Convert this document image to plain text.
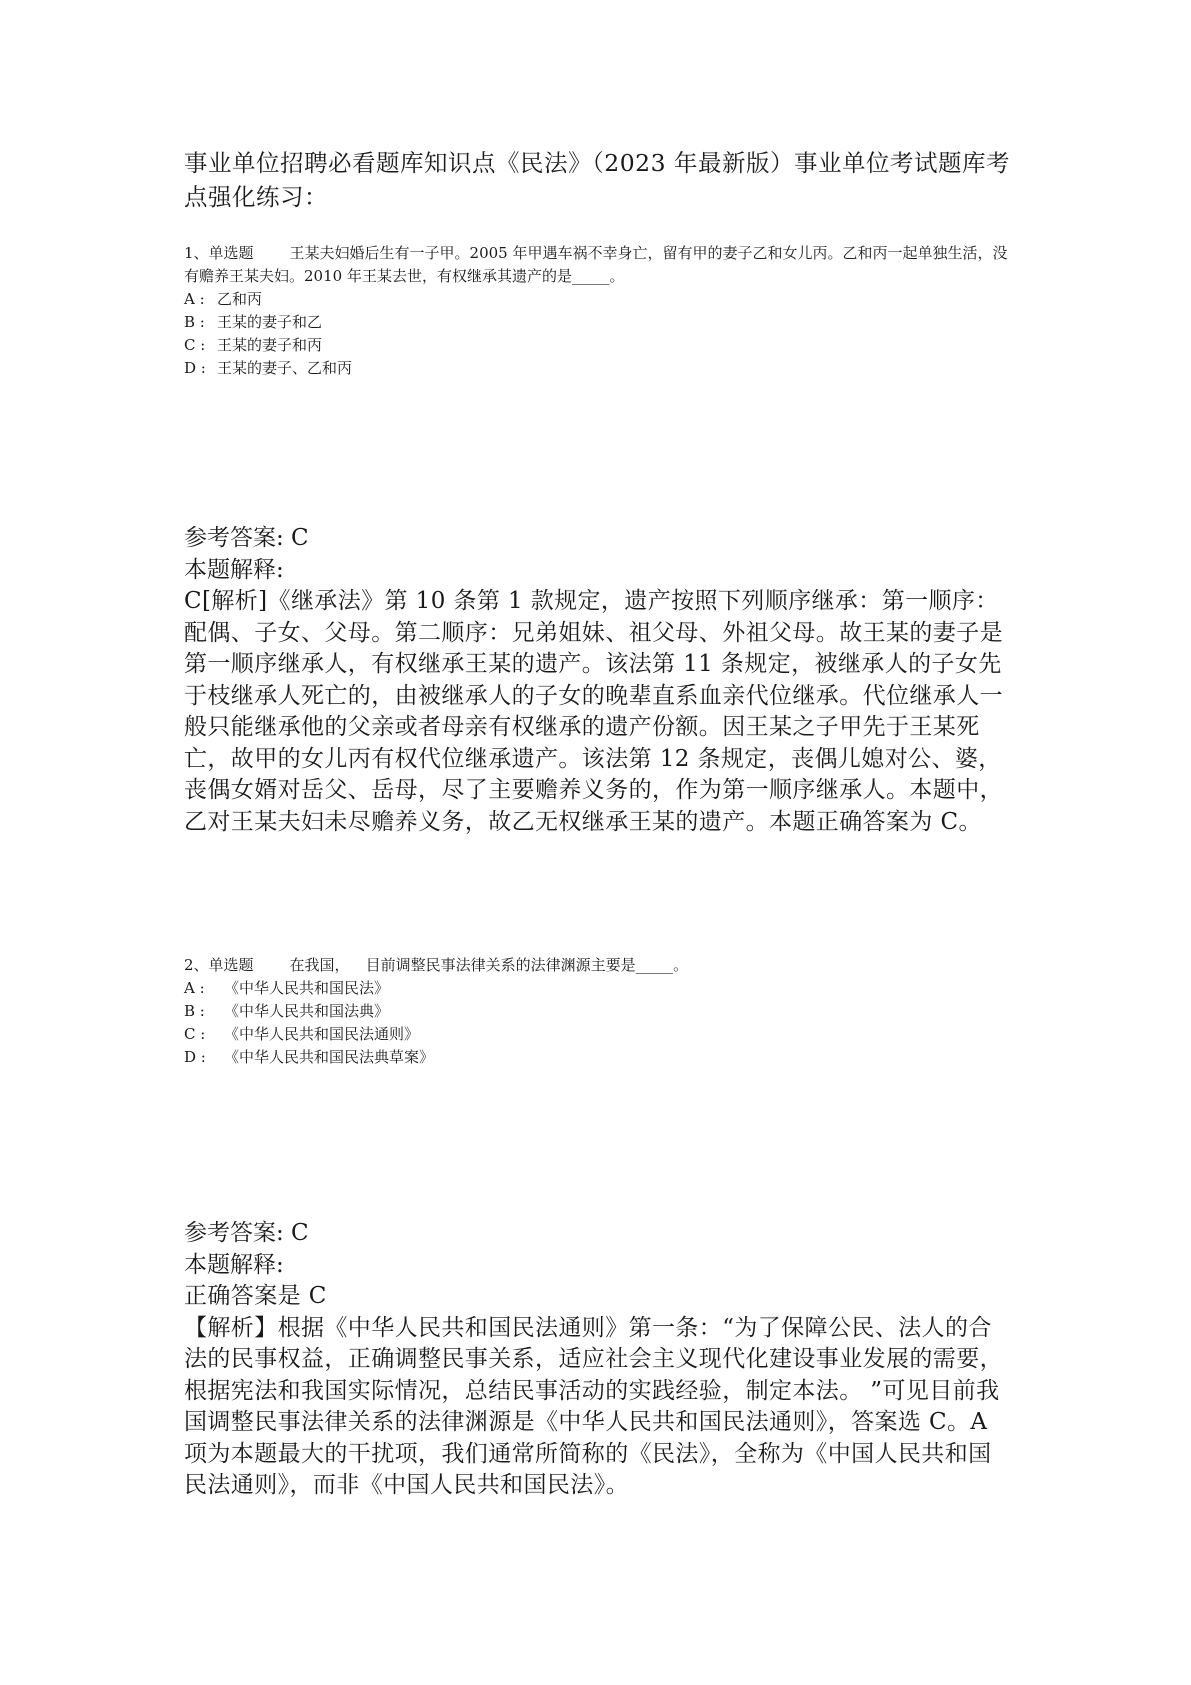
事业单位招聘必看题库知识点《民法》（2023 年最新版）事业单位考试题库考点强化练习：

1、单选题 王某夫妇婚后生有一子甲。2005 年甲遇车祸不幸身亡，留有甲的妻子乙和女儿丙。乙和丙一起单独生活，没有赡养王某夫妇。2010 年王某去世，有权继承其遗产的是_____。

A : 乙和丙

B : 王某的妻子和乙

C : 王某的妻子和丙

D : 王某的妻子、乙和丙

参考答案: C

本题解释:

C[解析]《继承法》第 10 条第 1 款规定，遗产按照下列顺序继承：第一顺序：配偶、子女、父母。第二顺序：兄弟姐妹、祖父母、外祖父母。故王某的妻子是第一顺序继承人，有权继承王某的遗产。该法第 11 条规定，被继承人的子女先于枝继承人死亡的，由被继承人的子女的晚辈直系血亲代位继承。代位继承人一般只能继承他的父亲或者母亲有权继承的遗产份额。因王某之子甲先于王某死亡，故甲的女儿丙有权代位继承遗产。该法第 12 条规定，丧偶儿媳对公、婆，丧偶女婿对岳父、岳母，尽了主要赡养义务的，作为第一顺序继承人。本题中，乙对王某夫妇未尽赡养义务，故乙无权继承王某的遗产。本题正确答案为 C。

2、单选题 在我国， 目前调整民事法律关系的法律渊源主要是_____。

A : 《中华人民共和国民法》

B : 《中华人民共和国法典》

C : 《中华人民共和国民法通则》

D : 《中华人民共和国民法典草案》

参考答案: C

本题解释:

正确答案是 C

【解析】根据《中华人民共和国民法通则》第一条：“为了保障公民、法人的合法的民事权益，正确调整民事关系，适应社会主义现代化建设事业发展的需要，根据宪法和我国实际情况，总结民事活动的实践经验，制定本法。 ”可见目前我国调整民事法律关系的法律渊源是《中华人民共和国民法通则》，答案选 C。A 项为本题最大的干扰项，我们通常所简称的《民法》，全称为《中国人民共和国民法通则》，而非《中国人民共和国民法》。
